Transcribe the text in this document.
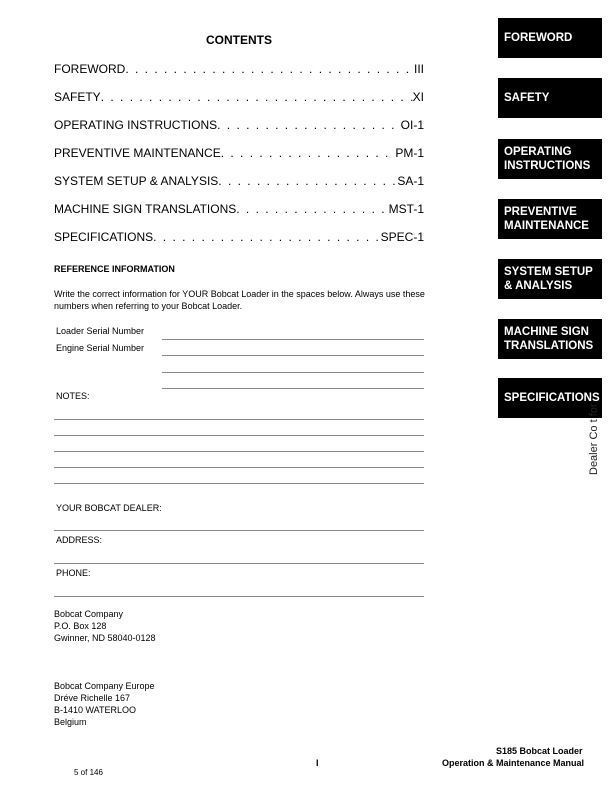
CONTENTS
FOREWORD . . .	III
SAFETY . . .	XI
OPERATING INSTRUCTIONS . . .	OI-1
PREVENTIVE MAINTENANCE . . .	PM-1
SYSTEM SETUP & ANALYSIS . . .	SA-1
MACHINE SIGN TRANSLATIONS . . .	MST-1
SPECIFICATIONS . . .	SPEC-1
REFERENCE INFORMATION
Write the correct information for YOUR Bobcat Loader in the spaces below. Always use these numbers when referring to your Bobcat Loader.
Loader Serial Number
Engine Serial Number
NOTES:
YOUR BOBCAT DEALER:
ADDRESS:
PHONE:
Bobcat Company
P.O. Box 128
Gwinner, ND 58040-0128
Bobcat Company Europe
Dréve Richelle 167
B-1410 WATERLOO
Belgium
FOREWORD
SAFETY
OPERATING INSTRUCTIONS
PREVENTIVE MAINTENANCE
SYSTEM SETUP & ANALYSIS
MACHINE SIGN TRANSLATIONS
SPECIFICATIONS
Dealer Co t for
S185 Bobcat Loader
I	Operation & Maintenance Manual
5 of 146
